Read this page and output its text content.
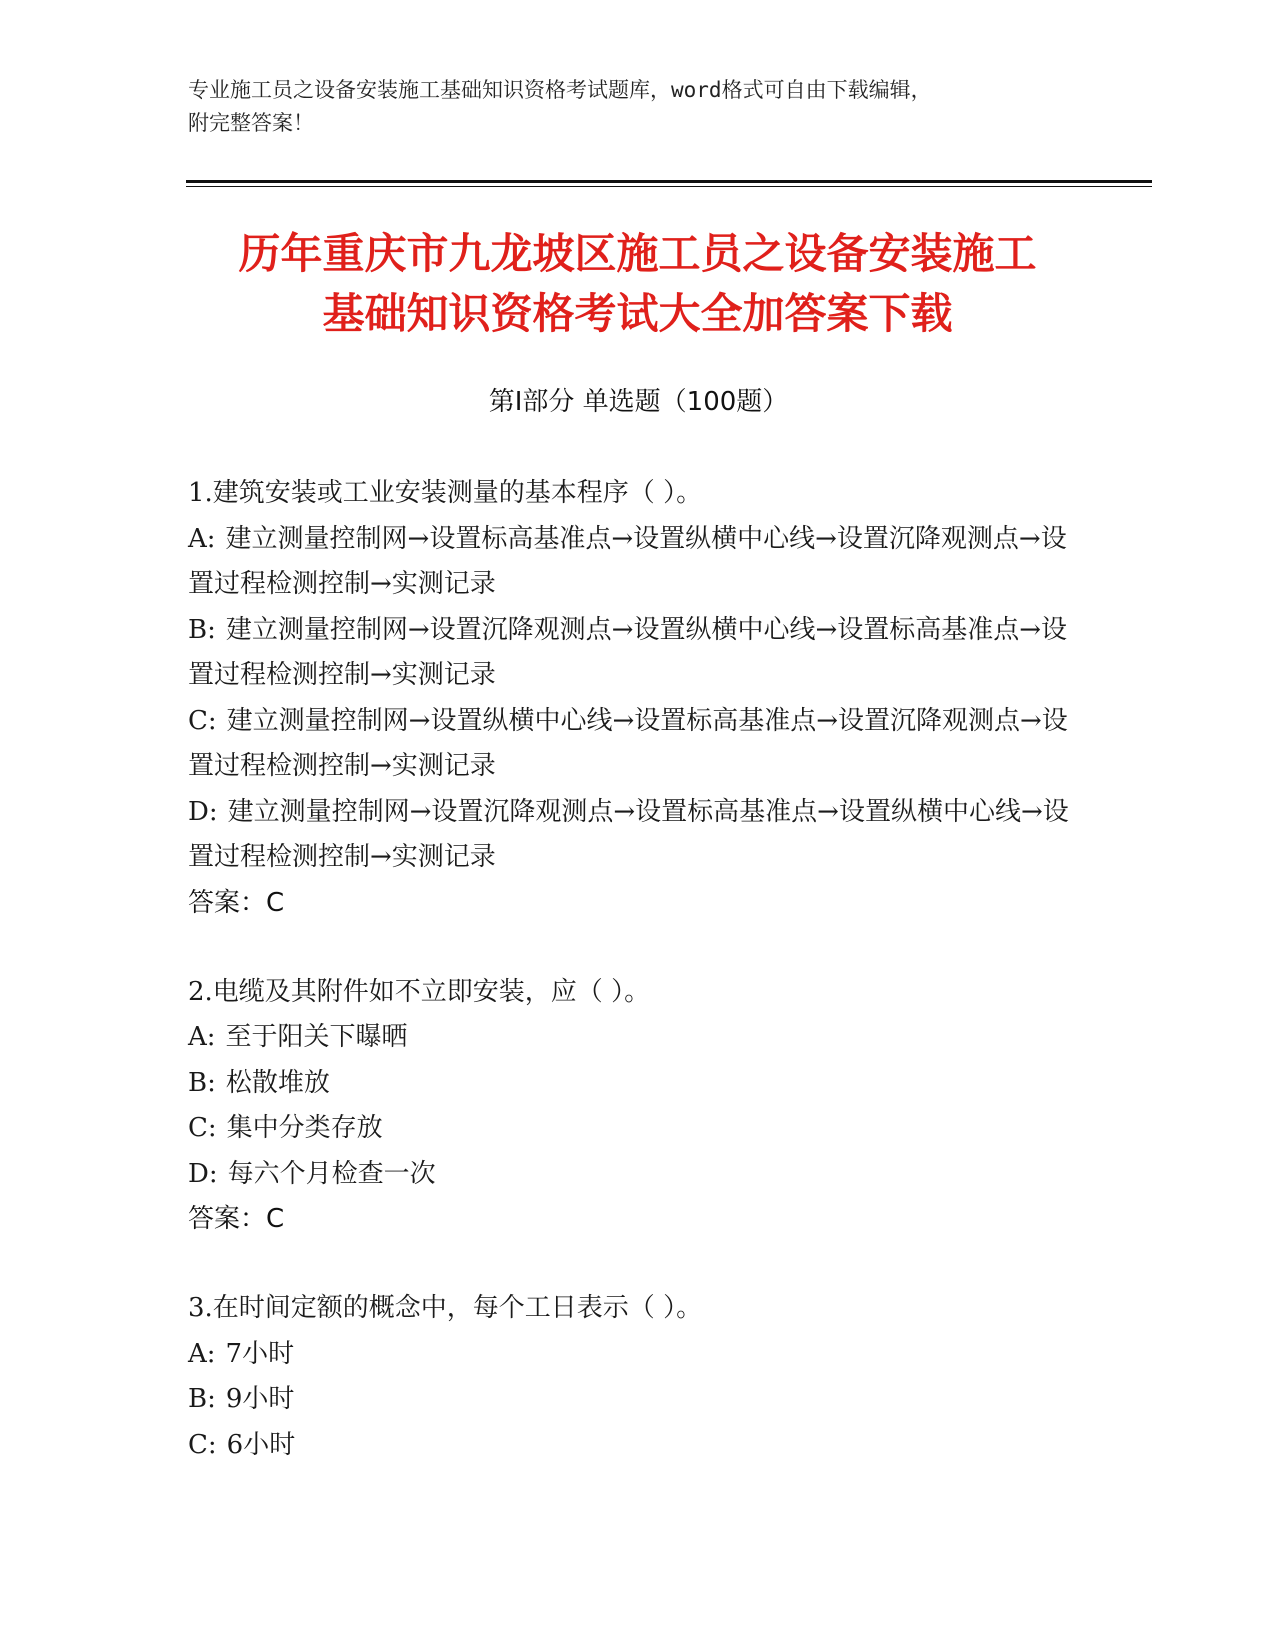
专业施工员之设备安装施工基础知识资格考试题库，word格式可自由下载编辑，
附完整答案！
历年重庆市九龙坡区施工员之设备安装施工
基础知识资格考试大全加答案下载
第Ⅰ部分 单选题（100题）
1.建筑安装或工业安装测量的基本程序（ ）。
A: 建立测量控制网→设置标高基准点→设置纵横中心线→设置沉降观测点→设置过程检测控制→实测记录
B: 建立测量控制网→设置沉降观测点→设置纵横中心线→设置标高基准点→设置过程检测控制→实测记录
C: 建立测量控制网→设置纵横中心线→设置标高基准点→设置沉降观测点→设置过程检测控制→实测记录
D: 建立测量控制网→设置沉降观测点→设置标高基准点→设置纵横中心线→设置过程检测控制→实测记录
答案：C
2.电缆及其附件如不立即安装，应（ ）。
A: 至于阳关下曝晒
B: 松散堆放
C: 集中分类存放
D: 每六个月检查一次
答案：C
3.在时间定额的概念中，每个工日表示（ ）。
A: 7小时
B: 9小时
C: 6小时
